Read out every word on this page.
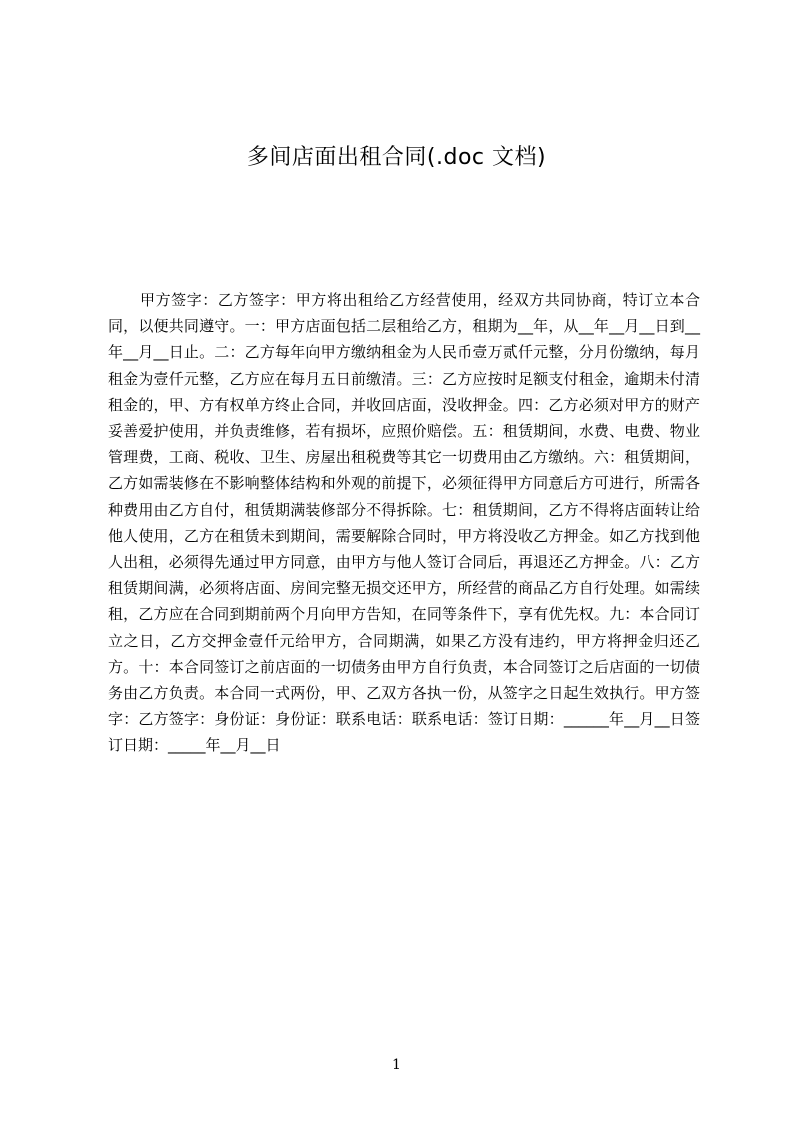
多间店面出租合同(.doc 文档)

甲方签字：乙方签字：甲方将出租给乙方经营使用，经双方共同协商，特订立本合同，以便共同遵守。一：甲方店面包括二层租给乙方，租期为__年，从__年__月__日到__年__月__日止。二：乙方每年向甲方缴纳租金为人民币壹万贰仟元整，分月份缴纳，每月租金为壹仟元整，乙方应在每月五日前缴清。三：乙方应按时足额支付租金，逾期未付清租金的，甲、方有权单方终止合同，并收回店面，没收押金。四：乙方必须对甲方的财产妥善爱护使用，并负责维修，若有损坏，应照价赔偿。五：租赁期间，水费、电费、物业管理费，工商、税收、卫生、房屋出租税费等其它一切费用由乙方缴纳。六：租赁期间，乙方如需装修在不影响整体结构和外观的前提下，必须征得甲方同意后方可进行，所需各种费用由乙方自付，租赁期满装修部分不得拆除。七：租赁期间，乙方不得将店面转让给他人使用，乙方在租赁未到期间，需要解除合同时，甲方将没收乙方押金。如乙方找到他人出租，必须得先通过甲方同意，由甲方与他人签订合同后，再退还乙方押金。八：乙方租赁期间满，必须将店面、房间完整无损交还甲方，所经营的商品乙方自行处理。如需续租，乙方应在合同到期前两个月向甲方告知，在同等条件下，享有优先权。九：本合同订立之日，乙方交押金壹仟元给甲方，合同期满，如果乙方没有违约，甲方将押金归还乙方。十：本合同签订之前店面的一切债务由甲方自行负责，本合同签订之后店面的一切债务由乙方负责。本合同一式两份，甲、乙双方各执一份，从签字之日起生效执行。甲方签字：乙方签字：身份证：身份证：联系电话：联系电话：签订日期：______年__月__日签订日期：_____年__月__日

1
